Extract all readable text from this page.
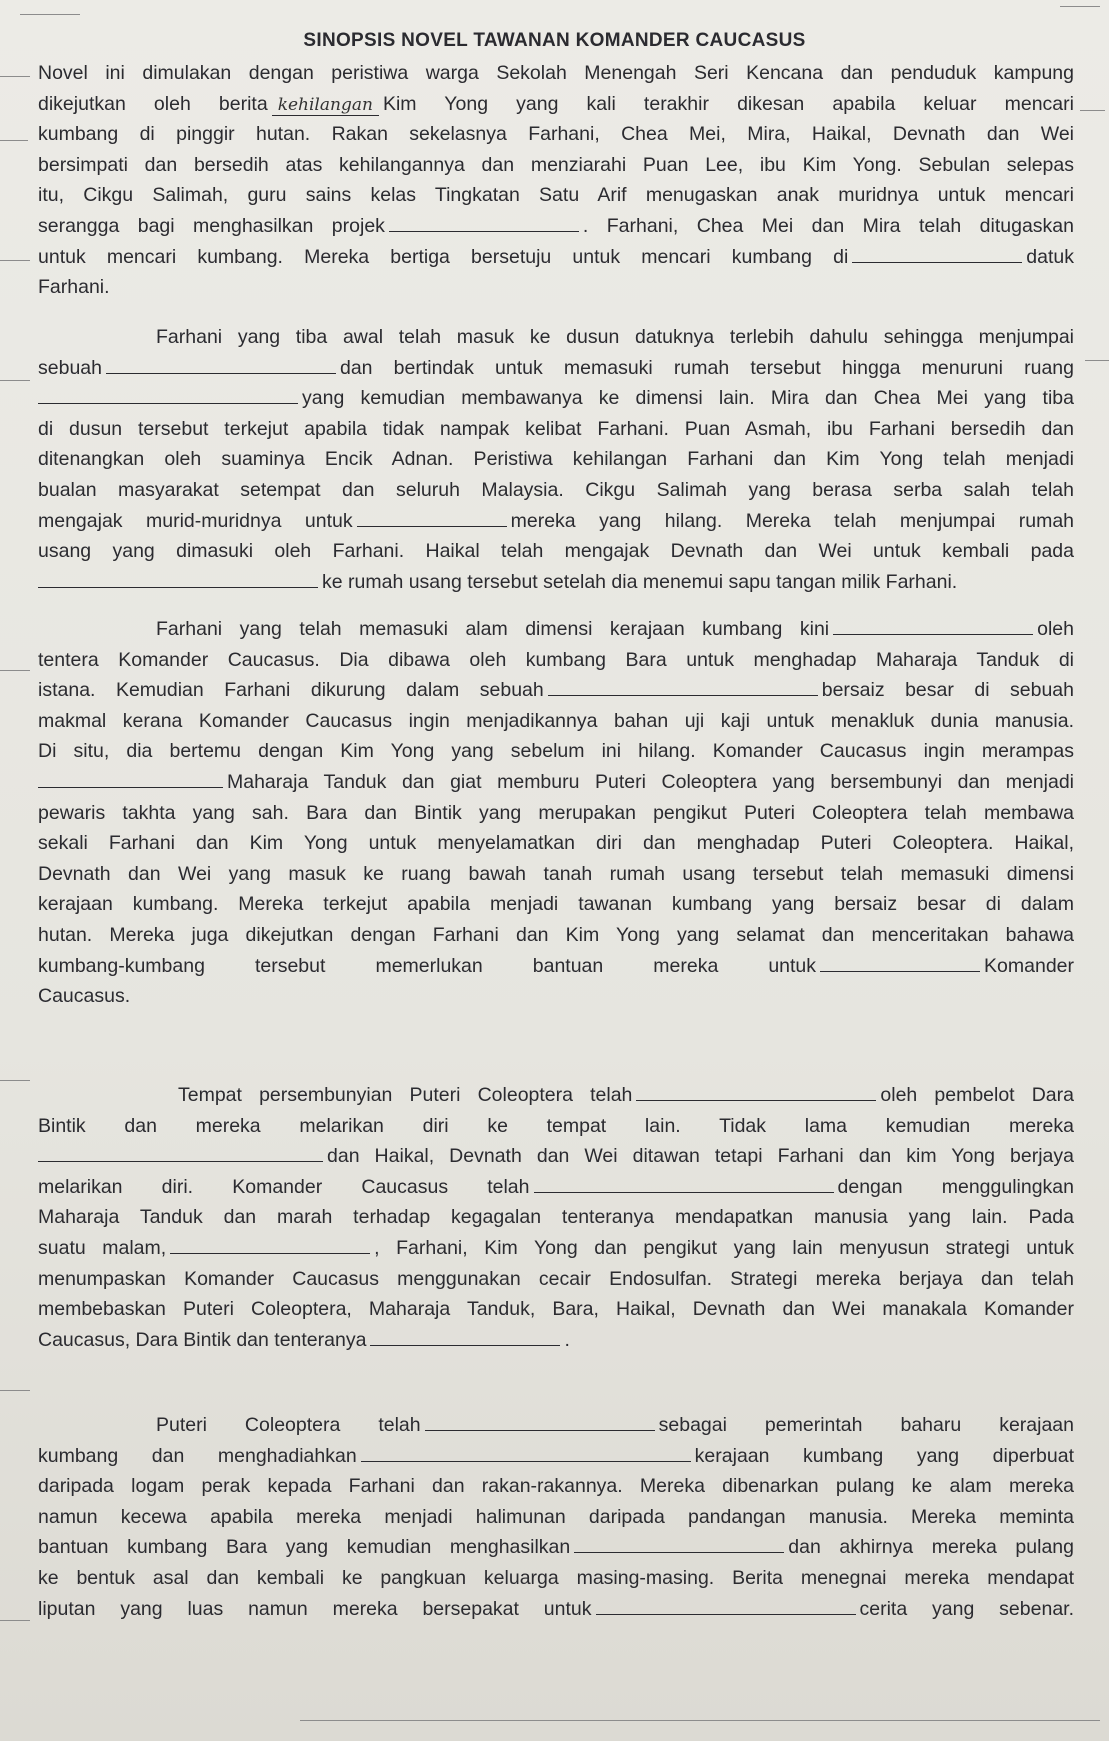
SINOPSIS NOVEL TAWANAN KOMANDER CAUCASUS
Novel ini dimulakan dengan peristiwa warga Sekolah Menengah Seri Kencana dan penduduk kampung
dikejutkan oleh berita kehilangan Kim Yong yang kali terakhir dikesan apabila keluar mencari
kumbang di pinggir hutan. Rakan sekelasnya Farhani, Chea Mei, Mira, Haikal, Devnath dan Wei
bersimpati dan bersedih atas kehilangannya dan menziarahi Puan Lee, ibu Kim Yong. Sebulan selepas
itu, Cikgu Salimah, guru sains kelas Tingkatan Satu Arif menugaskan anak muridnya untuk mencari
serangga bagi menghasilkan projek	. Farhani, Chea Mei dan Mira telah ditugaskan
untuk mencari kumbang. Mereka bertiga bersetuju untuk mencari kumbang di	datuk
Farhani.
Farhani yang tiba awal telah masuk ke dusun datuknya terlebih dahulu sehingga menjumpai
sebuah	dan bertindak untuk memasuki rumah tersebut hingga menuruni ruang
yang kemudian membawanya ke dimensi lain. Mira dan Chea Mei yang tiba
di dusun tersebut terkejut apabila tidak nampak kelibat Farhani. Puan Asmah, ibu Farhani bersedih dan
ditenangkan oleh suaminya Encik Adnan. Peristiwa kehilangan Farhani dan Kim Yong telah menjadi
bualan masyarakat setempat dan seluruh Malaysia. Cikgu Salimah yang berasa serba salah telah
mengajak murid-muridnya untuk	mereka yang hilang. Mereka telah menjumpai rumah
usang yang dimasuki oleh Farhani. Haikal telah mengajak Devnath dan Wei untuk kembali pada
ke rumah usang tersebut setelah dia menemui sapu tangan milik Farhani.
Farhani yang telah memasuki alam dimensi kerajaan kumbang kini	oleh
tentera Komander Caucasus. Dia dibawa oleh kumbang Bara untuk menghadap Maharaja Tanduk di
istana. Kemudian Farhani dikurung dalam sebuah	bersaiz besar di sebuah
makmal kerana Komander Caucasus ingin menjadikannya bahan uji kaji untuk menakluk dunia manusia.
Di situ, dia bertemu dengan Kim Yong yang sebelum ini hilang. Komander Caucasus ingin merampas
Maharaja Tanduk dan giat memburu Puteri Coleoptera yang bersembunyi dan menjadi
pewaris takhta yang sah. Bara dan Bintik yang merupakan pengikut Puteri Coleoptera telah membawa
sekali Farhani dan Kim Yong untuk menyelamatkan diri dan menghadap Puteri Coleoptera. Haikal,
Devnath dan Wei yang masuk ke ruang bawah tanah rumah usang tersebut telah memasuki dimensi
kerajaan kumbang. Mereka terkejut apabila menjadi tawanan kumbang yang bersaiz besar di dalam
hutan. Mereka juga dikejutkan dengan Farhani dan Kim Yong yang selamat dan menceritakan bahawa
kumbang-kumbang tersebut memerlukan bantuan mereka untuk	Komander
Caucasus.
Tempat persembunyian Puteri Coleoptera telah	oleh pembelot Dara
Bintik dan mereka melarikan diri ke tempat lain. Tidak lama kemudian mereka
dan Haikal, Devnath dan Wei ditawan tetapi Farhani dan kim Yong berjaya
melarikan diri. Komander Caucasus telah	dengan menggulingkan
Maharaja Tanduk dan marah terhadap kegagalan tenteranya mendapatkan manusia yang lain. Pada
suatu malam,	, Farhani, Kim Yong dan pengikut yang lain menyusun strategi untuk
menumpaskan Komander Caucasus menggunakan cecair Endosulfan. Strategi mereka berjaya dan telah
membebaskan Puteri Coleoptera, Maharaja Tanduk, Bara, Haikal, Devnath dan Wei manakala Komander
Caucasus, Dara Bintik dan tenteranya	.
Puteri Coleoptera telah	sebagai pemerintah baharu kerajaan
kumbang dan menghadiahkan	kerajaan kumbang yang diperbuat
daripada logam perak kepada Farhani dan rakan-rakannya. Mereka dibenarkan pulang ke alam mereka
namun kecewa apabila mereka menjadi halimunan daripada pandangan manusia. Mereka meminta
bantuan kumbang Bara yang kemudian menghasilkan	dan akhirnya mereka pulang
ke bentuk asal dan kembali ke pangkuan keluarga masing-masing. Berita menegnai mereka mendapat
liputan yang luas namun mereka bersepakat untuk	cerita yang sebenar.
